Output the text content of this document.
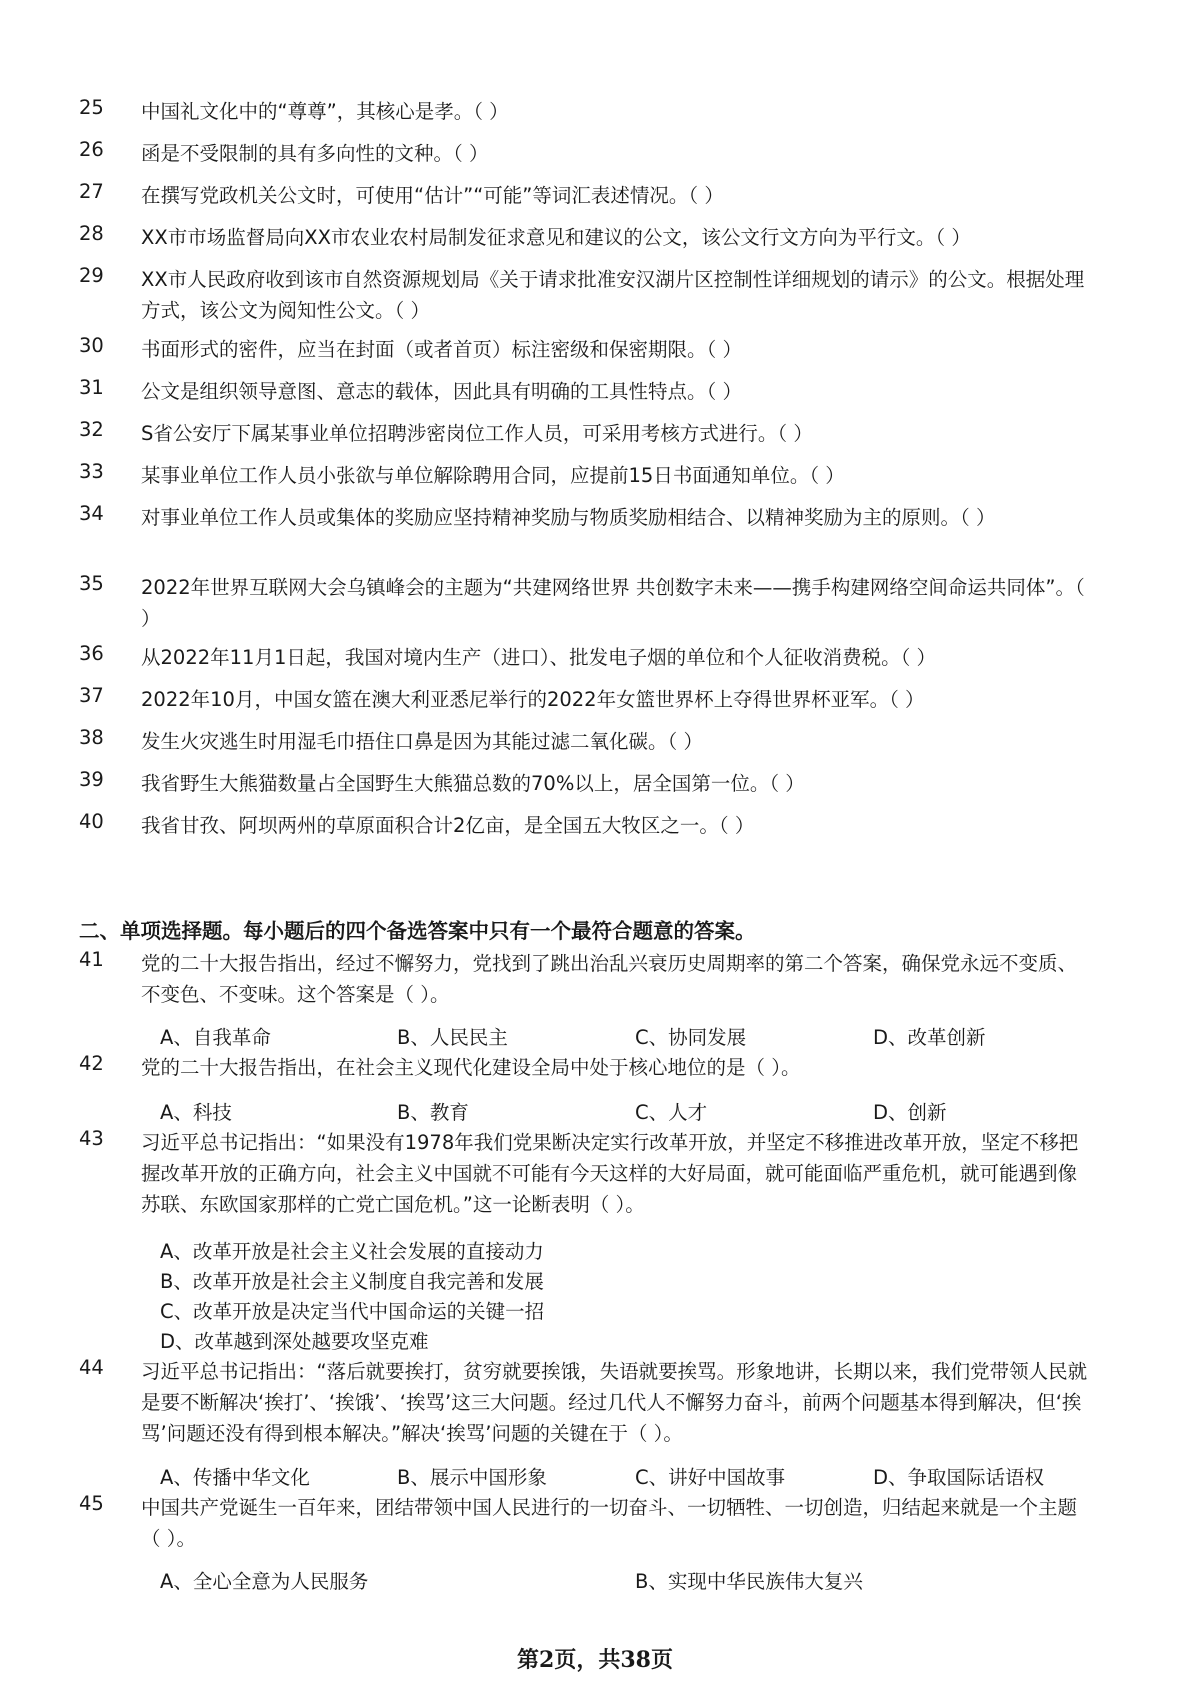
25	中国礼文化中的“尊尊”，其核心是孝。（ ）
26	函是不受限制的具有多向性的文种。（ ）
27	在撰写党政机关公文时，可使用“估计”“可能”等词汇表述情况。（ ）
28	XX市市场监督局向XX市农业农村局制发征求意见和建议的公文，该公文行文方向为平行文。（ ）
29	XX市人民政府收到该市自然资源规划局《关于请求批准安汉湖片区控制性详细规划的请示》的公文。根据处理方式，该公文为阅知性公文。（ ）
30	书面形式的密件，应当在封面（或者首页）标注密级和保密期限。（ ）
31	公文是组织领导意图、意志的载体，因此具有明确的工具性特点。（ ）
32	S省公安厅下属某事业单位招聘涉密岗位工作人员，可采用考核方式进行。（ ）
33	某事业单位工作人员小张欲与单位解除聘用合同，应提前15日书面通知单位。（ ）
34	对事业单位工作人员或集体的奖励应坚持精神奖励与物质奖励相结合、以精神奖励为主的原则。（ ）
35	2022年世界互联网大会乌镇峰会的主题为“共建网络世界 共创数字未来——携手构建网络空间命运共同体”。（ ）
36	从2022年11月1日起，我国对境内生产（进口）、批发电子烟的单位和个人征收消费税。（ ）
37	2022年10月，中国女篮在澳大利亚悉尼举行的2022年女篮世界杯上夺得世界杯亚军。（ ）
38	发生火灾逃生时用湿毛巾捂住口鼻是因为其能过滤二氧化碳。（ ）
39	我省野生大熊猫数量占全国野生大熊猫总数的70%以上，居全国第一位。（ ）
40	我省甘孜、阿坝两州的草原面积合计2亿亩，是全国五大牧区之一。（ ）
二、单项选择题。每小题后的四个备选答案中只有一个最符合题意的答案。
41	党的二十大报告指出，经过不懈努力，党找到了跳出治乱兴衰历史周期率的第二个答案，确保党永远不变质、不变色、不变味。这个答案是（ ）。
A、自我革命	B、人民民主	C、协同发展	D、改革创新
42	党的二十大报告指出，在社会主义现代化建设全局中处于核心地位的是（ ）。
A、科技	B、教育	C、人才	D、创新
43	习近平总书记指出：“如果没有1978年我们党果断决定实行改革开放，并坚定不移推进改革开放，坚定不移把握改革开放的正确方向，社会主义中国就不可能有今天这样的大好局面，就可能面临严重危机，就可能遇到像苏联、东欧国家那样的亡党亡国危机。”这一论断表明（ ）。
A、改革开放是社会主义社会发展的直接动力
B、改革开放是社会主义制度自我完善和发展
C、改革开放是决定当代中国命运的关键一招
D、改革越到深处越要攻坚克难
44	习近平总书记指出：“落后就要挨打，贫穷就要挨饿，失语就要挨骂。形象地讲，长期以来，我们党带领人民就是要不断解决‘挨打’、‘挨饿’、‘挨骂’这三大问题。经过几代人不懈努力奋斗，前两个问题基本得到解决，但‘挨骂’问题还没有得到根本解决。”解决‘挨骂’问题的关键在于（ ）。
A、传播中华文化	B、展示中国形象	C、讲好中国故事	D、争取国际话语权
45	中国共产党诞生一百年来，团结带领中国人民进行的一切奋斗、一切牺牲、一切创造，归结起来就是一个主题（ ）。
A、全心全意为人民服务	B、实现中华民族伟大复兴
第2页，共38页
